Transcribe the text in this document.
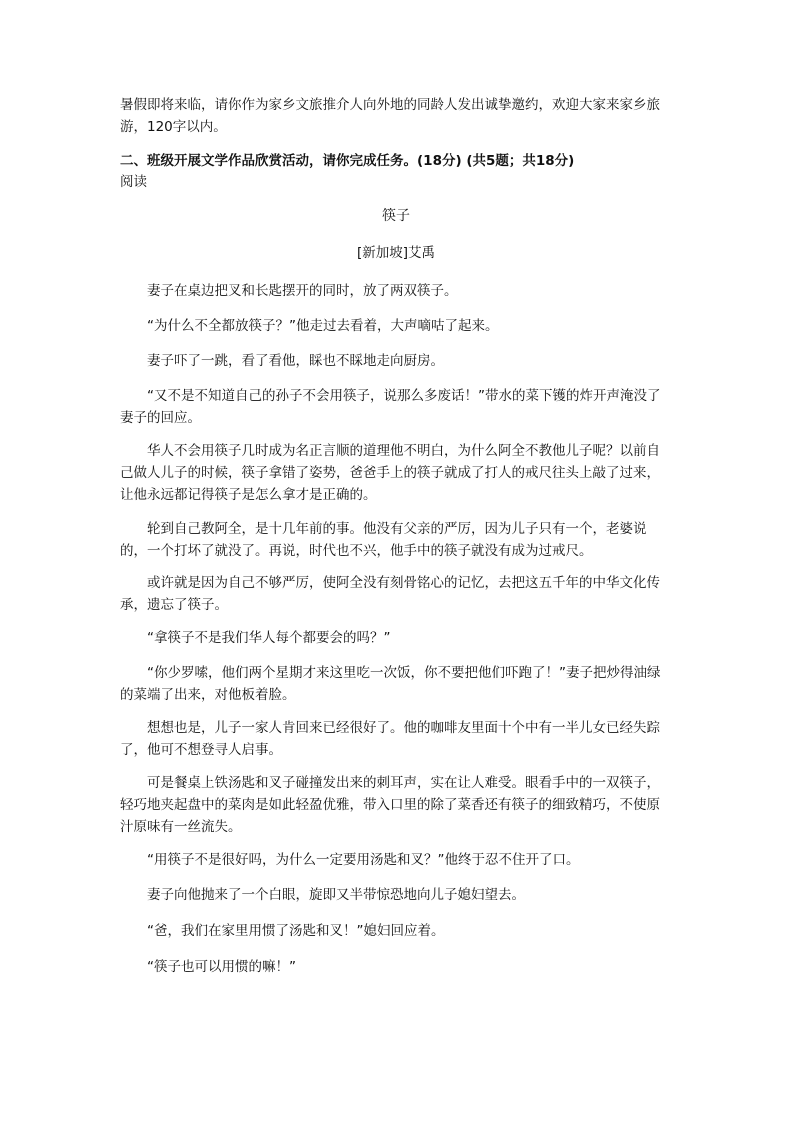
暑假即将来临，请你作为家乡文旅推介人向外地的同龄人发出诚挚邀约，欢迎大家来家乡旅游，120字以内。

二、班级开展文学作品欣赏活动，请你完成任务。(18分) (共5题；共18分)

阅读

筷子

[新加坡]艾禹

妻子在桌边把叉和长匙摆开的同时，放了两双筷子。

“为什么不全都放筷子？”他走过去看着，大声嘀咕了起来。

妻子吓了一跳，看了看他，睬也不睬地走向厨房。

“又不是不知道自己的孙子不会用筷子，说那么多废话！”带水的菜下镬的炸开声淹没了妻子的回应。

华人不会用筷子几时成为名正言顺的道理他不明白，为什么阿全不教他儿子呢？以前自己做人儿子的时候，筷子拿错了姿势，爸爸手上的筷子就成了打人的戒尺往头上敲了过来，让他永远都记得筷子是怎么拿才是正确的。

轮到自己教阿全，是十几年前的事。他没有父亲的严厉，因为儿子只有一个，老婆说的，一个打坏了就没了。再说，时代也不兴，他手中的筷子就没有成为过戒尺。

或许就是因为自己不够严厉，使阿全没有刻骨铭心的记忆，去把这五千年的中华文化传承，遗忘了筷子。

“拿筷子不是我们华人每个都要会的吗？”

“你少罗嗦，他们两个星期才来这里吃一次饭，你不要把他们吓跑了！”妻子把炒得油绿的菜端了出来，对他板着脸。

想想也是，儿子一家人肯回来已经很好了。他的咖啡友里面十个中有一半儿女已经失踪了，他可不想登寻人启事。

可是餐桌上铁汤匙和叉子碰撞发出来的刺耳声，实在让人难受。眼看手中的一双筷子，轻巧地夹起盘中的菜肉是如此轻盈优雅，带入口里的除了菜香还有筷子的细致精巧，不使原汁原味有一丝流失。

“用筷子不是很好吗，为什么一定要用汤匙和叉？”他终于忍不住开了口。

妻子向他抛来了一个白眼，旋即又半带惊恐地向儿子媳妇望去。

“爸，我们在家里用惯了汤匙和叉！”媳妇回应着。

“筷子也可以用惯的嘛！”
